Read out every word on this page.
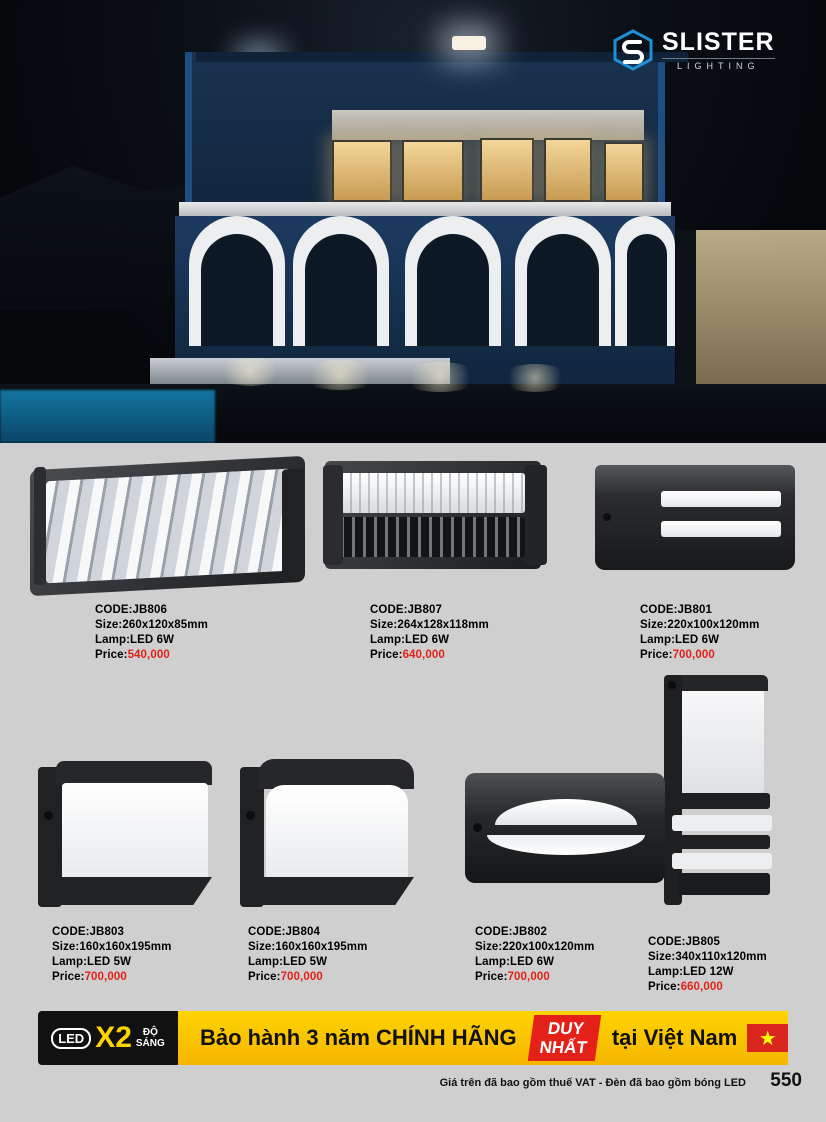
SLISTER
LIGHTING
CODE:JB806
Size:260x120x85mm
Lamp:LED 6W
Price:540,000
CODE:JB807
Size:264x128x118mm
Lamp:LED 6W
Price:640,000
CODE:JB801
Size:220x100x120mm
Lamp:LED 6W
Price:700,000
CODE:JB805
Size:340x110x120mm
Lamp:LED 12W
Price:660,000
CODE:JB803
Size:160x160x195mm
Lamp:LED 5W
Price:700,000
CODE:JB804
Size:160x160x195mm
Lamp:LED 5W
Price:700,000
CODE:JB802
Size:220x100x120mm
Lamp:LED 6W
Price:700,000
LED X2	ĐỘ
SÁNG Bảo hành 3 năm CHÍNH HÃNG	DUY
NHẤT	tại Việt Nam	★
Giá trên đã bao gồm thuế VAT - Đèn đã bao gồm bóng LED 550
